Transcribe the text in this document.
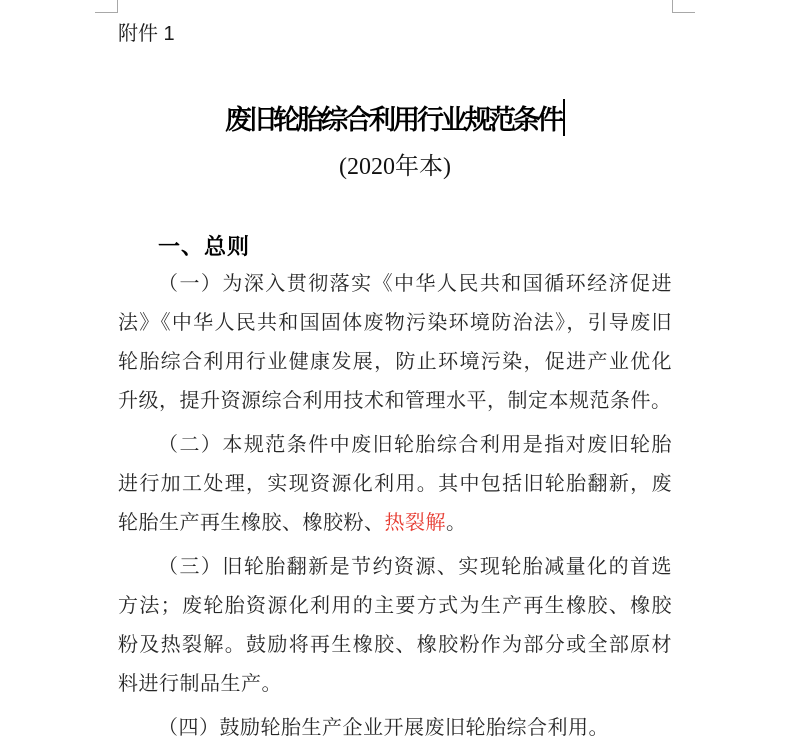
附件 1
废旧轮胎综合利用行业规范条件
(2020年本)
一、总则
（一）为深入贯彻落实《中华人民共和国循环经济促进
法》《中华人民共和国固体废物污染环境防治法》，引导废旧
轮胎综合利用行业健康发展，防止环境污染，促进产业优化
升级，提升资源综合利用技术和管理水平，制定本规范条件。
（二）本规范条件中废旧轮胎综合利用是指对废旧轮胎
进行加工处理，实现资源化利用。其中包括旧轮胎翻新，废
轮胎生产再生橡胶、橡胶粉、热裂解。
（三）旧轮胎翻新是节约资源、实现轮胎减量化的首选
方法；废轮胎资源化利用的主要方式为生产再生橡胶、橡胶
粉及热裂解。鼓励将再生橡胶、橡胶粉作为部分或全部原材
料进行制品生产。
（四）鼓励轮胎生产企业开展废旧轮胎综合利用。
